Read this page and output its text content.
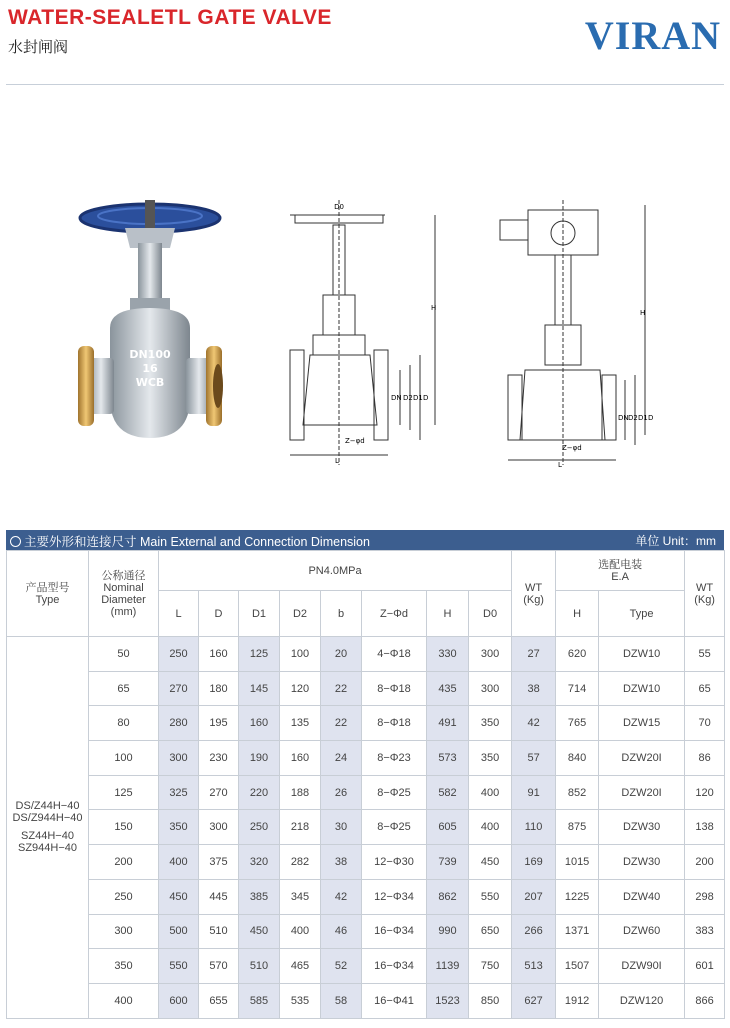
WATER-SEALETL GATE VALVE
水封闸阀	VIRAN
DN100
16
WCB
D0
H
DN D2 D1 D
Z−φd
L
H
DN D2 D1 D
Z−φd
L
主要外形和连接尺寸 Main External and Connection Dimension	单位 Unit：mm
产品型号
Type	公称通径
Nominal
Diameter
(mm)	PN4.0MPa								WT
(Kg)	选配电装
E.A		WT
(Kg)
		L	D	D1	D2	b	Z−Φd	H	D0		H	Type	

DS/Z44H−40
DS/Z944H−40
SZ44H−40
SZ944H−40	50	250	160	125	100	20	4−Φ18	330	300	27	620	DZW10	55
	65	270	180	145	120	22	8−Φ18	435	300	38	714	DZW10	65
	80	280	195	160	135	22	8−Φ18	491	350	42	765	DZW15	70
	100	300	230	190	160	24	8−Φ23	573	350	57	840	DZW20I	86
	125	325	270	220	188	26	8−Φ25	582	400	91	852	DZW20I	120
	150	350	300	250	218	30	8−Φ25	605	400	110	875	DZW30	138
	200	400	375	320	282	38	12−Φ30	739	450	169	1015	DZW30	200
	250	450	445	385	345	42	12−Φ34	862	550	207	1225	DZW40	298
	300	500	510	450	400	46	16−Φ34	990	650	266	1371	DZW60	383
	350	550	570	510	465	52	16−Φ34	1139	750	513	1507	DZW90I	601
	400	600	655	585	535	58	16−Φ41	1523	850	627	1912	DZW120	866
